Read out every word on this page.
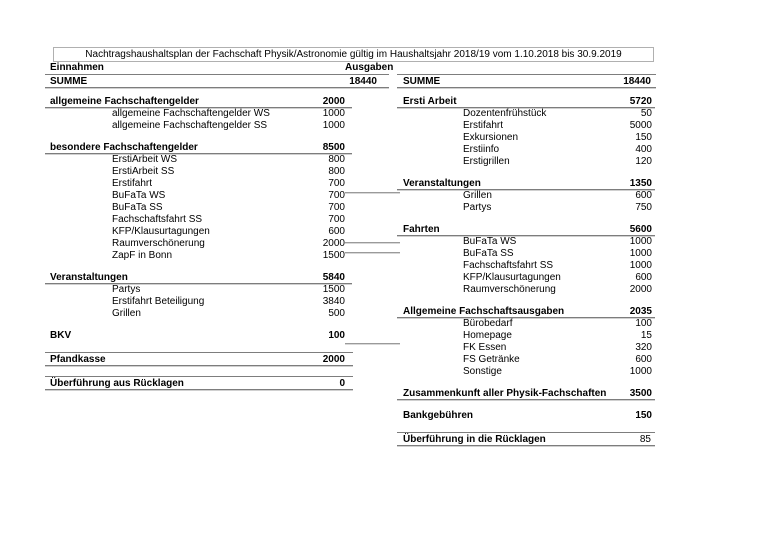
Nachtragshaushaltsplan der Fachschaft Physik/Astronomie gültig im Haushaltsjahr 2018/19 vom 1.10.2018 bis 30.9.2019
Einnahmen	Ausgaben
SUMME	18440	SUMME	18440
allgemeine Fachschaftengelder	2000
allgemeine Fachschaftengelder WS	1000
allgemeine Fachschaftengelder SS	1000
besondere Fachschaftengelder	8500
ErstiArbeit WS	800
ErstiArbeit SS	800
Erstifahrt	700
BuFaTa WS	700
BuFaTa SS	700
Fachschaftsfahrt SS	700
KFP/Klausurtagungen	600
Raumverschönerung	2000
ZapF in Bonn	1500
Veranstaltungen	5840
Partys	1500
Erstifahrt Beteiligung	3840
Grillen	500
BKV	100
Pfandkasse	2000
Überführung aus Rücklagen	0
Ersti Arbeit	5720
Dozentenfrühstück	50
Erstifahrt	5000
Exkursionen	150
Erstiinfo	400
Erstigrillen	120
Veranstaltungen	1350
Grillen	600
Partys	750
Fahrten	5600
BuFaTa WS	1000
BuFaTa SS	1000
Fachschaftsfahrt SS	1000
KFP/Klausurtagungen	600
Raumverschönerung	2000
Allgemeine Fachschaftsausgaben	2035
Bürobedarf	100
Homepage	15
FK Essen	320
FS Getränke	600
Sonstige	1000
Zusammenkunft aller Physik-Fachschaften 3500
Bankgebühren	150
Überführung in die Rücklagen	85
